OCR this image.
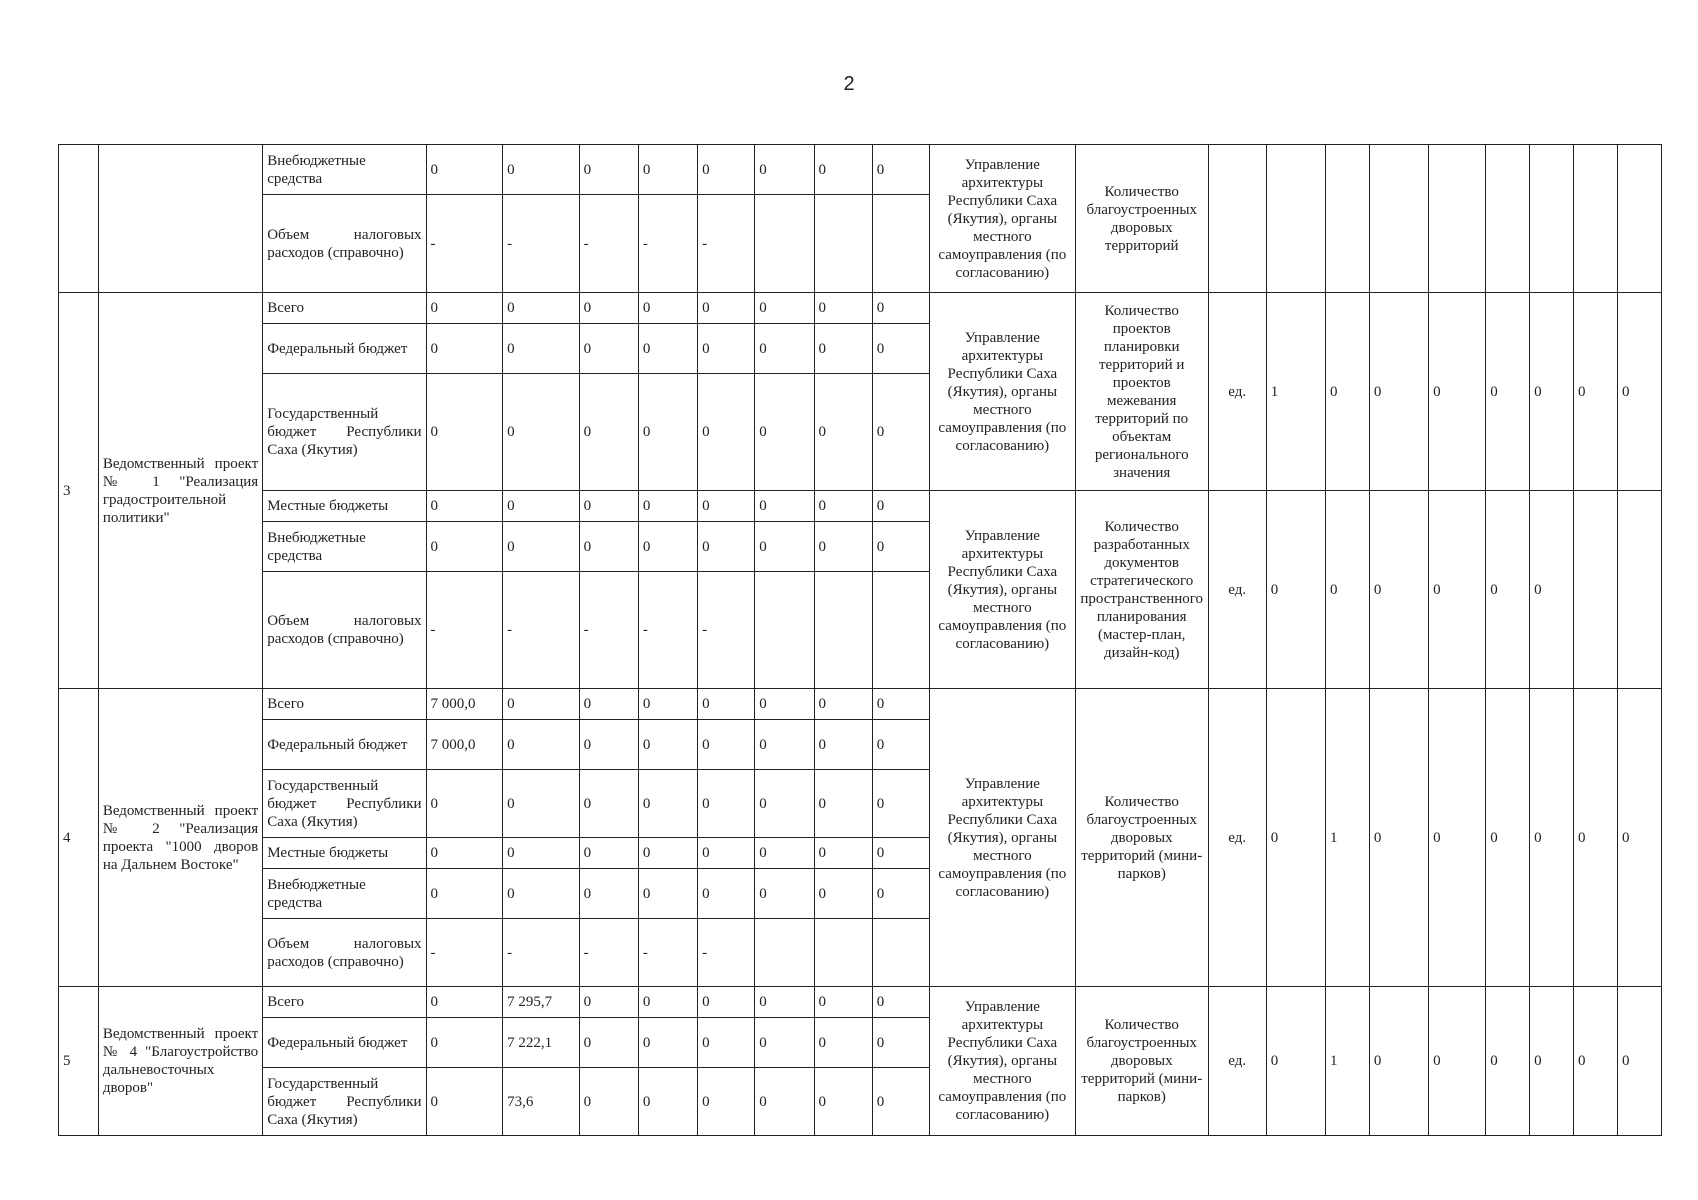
2
		Внебюджетные средства	0	0	0	0	0	0	0	0	Управление архитектуры Республики Саха (Якутия), органы местного самоуправления (по согласованию)	Количество благоустроенных дворовых территорий									
		Объем налоговых расходов (справочно)	-	-	-	-	-														
3	Ведомственный проект № 1 "Реализация градостроительной политики"	Всего	0	0	0	0	0	0	0	0	Управление архитектуры Республики Саха (Якутия), органы местного самоуправления (по согласованию)	Количество проектов планировки территорий и проектов межевания территорий по объектам регионального значения	ед.	1	0	0	0	0	0	0	0
		Федеральный бюджет	0	0	0	0	0	0	0	0											
		Государственный бюджет Республики Саха (Якутия)	0	0	0	0	0	0	0	0											
		Местные бюджеты	0	0	0	0	0	0	0	0	Управление архитектуры Республики Саха (Якутия), органы местного самоуправления (по согласованию)	Количество разработанных документов стратегического пространственного планирования (мастер-план, дизайн-код)	ед.	0	0	0	0	0	0		
		Внебюджетные средства	0	0	0	0	0	0	0	0											
		Объем налоговых расходов (справочно)	-	-	-	-	-														
4	Ведомственный проект № 2 "Реализация проекта "1000 дворов на Дальнем Востоке"	Всего	7 000,0	0	0	0	0	0	0	0	Управление архитектуры Республики Саха (Якутия), органы местного самоуправления (по согласованию)	Количество благоустроенных дворовых территорий (мини-парков)	ед.	0	1	0	0	0	0	0	0
		Федеральный бюджет	7 000,0	0	0	0	0	0	0	0											
		Государственный бюджет Республики Саха (Якутия)	0	0	0	0	0	0	0	0											
		Местные бюджеты	0	0	0	0	0	0	0	0											
		Внебюджетные средства	0	0	0	0	0	0	0	0											
		Объем налоговых расходов (справочно)	-	-	-	-	-														
5	Ведомственный проект № 4 "Благоустройство дальневосточных дворов"	Всего	0	7 295,7	0	0	0	0	0	0	Управление архитектуры Республики Саха (Якутия), органы местного самоуправления (по согласованию)	Количество благоустроенных дворовых территорий (мини-парков)	ед.	0	1	0	0	0	0	0	0
		Федеральный бюджет	0	7 222,1	0	0	0	0	0	0											
		Государственный бюджет Республики Саха (Якутия)	0	73,6	0	0	0	0	0	0											
